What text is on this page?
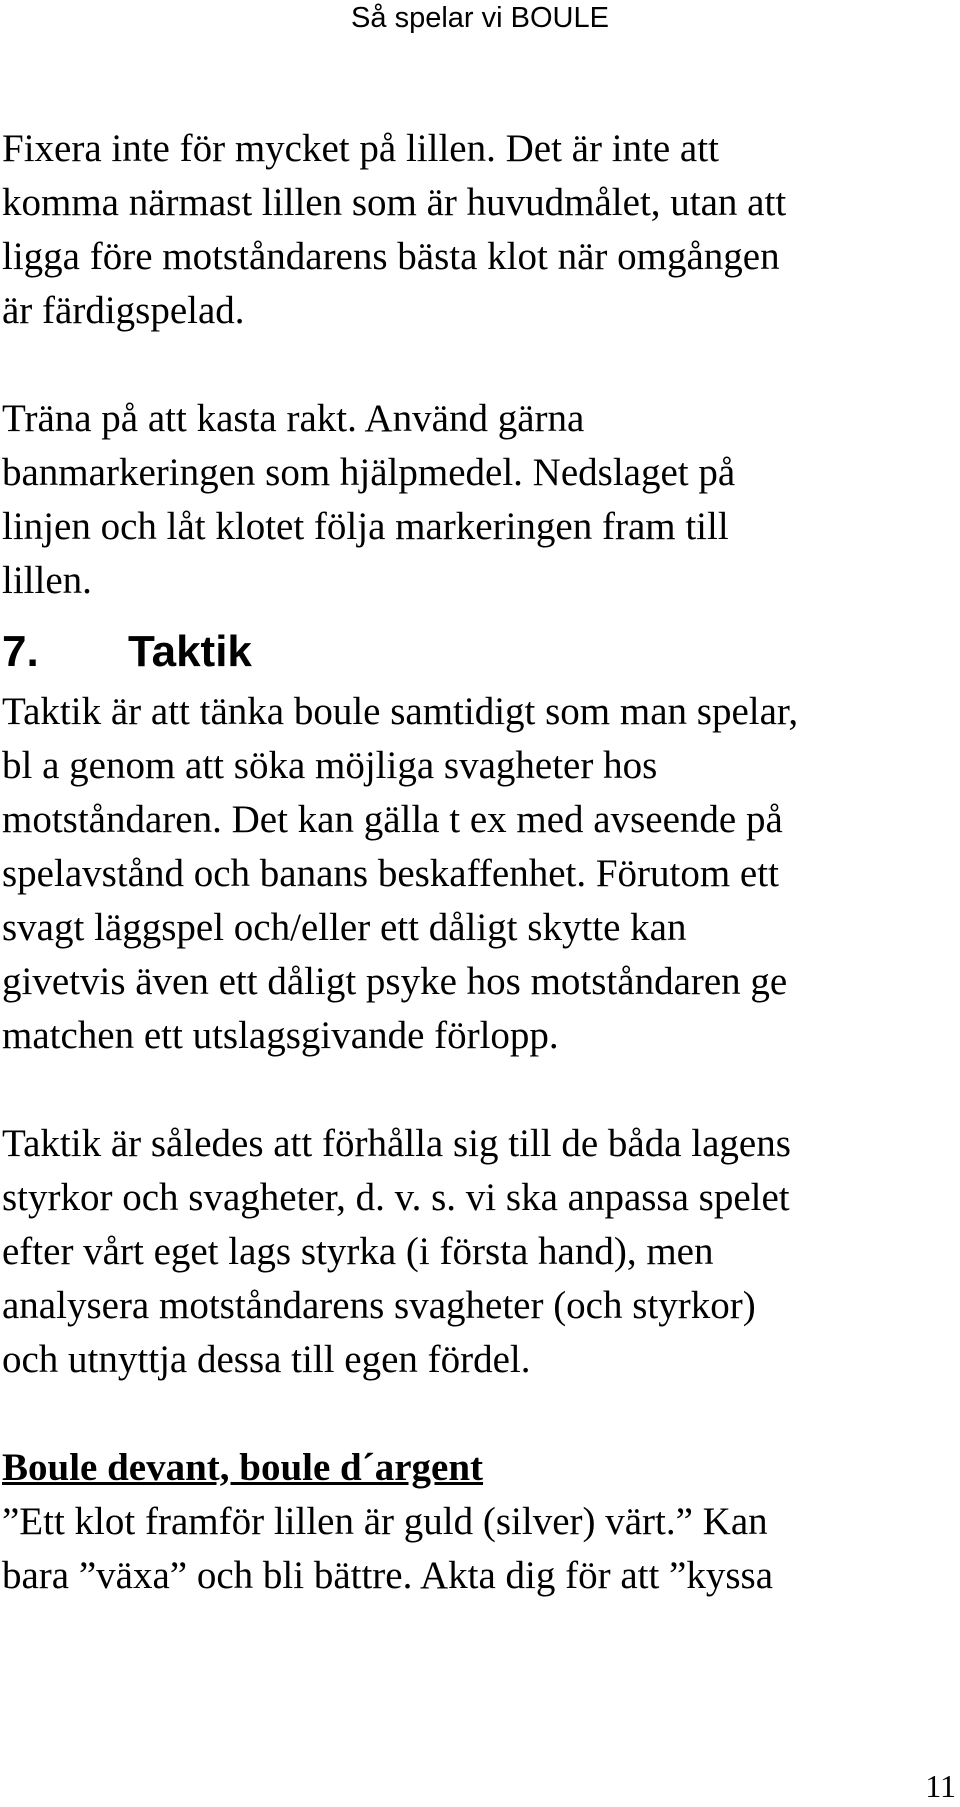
Så spelar vi BOULE

Fixera inte för mycket på lillen. Det är inte att
komma närmast lillen som är huvudmålet, utan att
ligga före motståndarens bästa klot när omgången
är färdigspelad.

Träna på att kasta rakt. Använd gärna
banmarkeringen som hjälpmedel. Nedslaget på
linjen och låt klotet följa markeringen fram till
lillen.

7. Taktik

Taktik är att tänka boule samtidigt som man spelar,
bl a genom att söka möjliga svagheter hos
motståndaren. Det kan gälla t ex med avseende på
spelavstånd och banans beskaffenhet. Förutom ett
svagt läggspel och/eller ett dåligt skytte kan
givetvis även ett dåligt psyke hos motståndaren ge
matchen ett utslagsgivande förlopp.

Taktik är således att förhålla sig till de båda lagens
styrkor och svagheter, d. v. s. vi ska anpassa spelet
efter vårt eget lags styrka (i första hand), men
analysera motståndarens svagheter (och styrkor)
och utnyttja dessa till egen fördel.

Boule devant, boule d´argent

”Ett klot framför lillen är guld (silver) värt.” Kan
bara ”växa” och bli bättre. Akta dig för att ”kyssa

11
